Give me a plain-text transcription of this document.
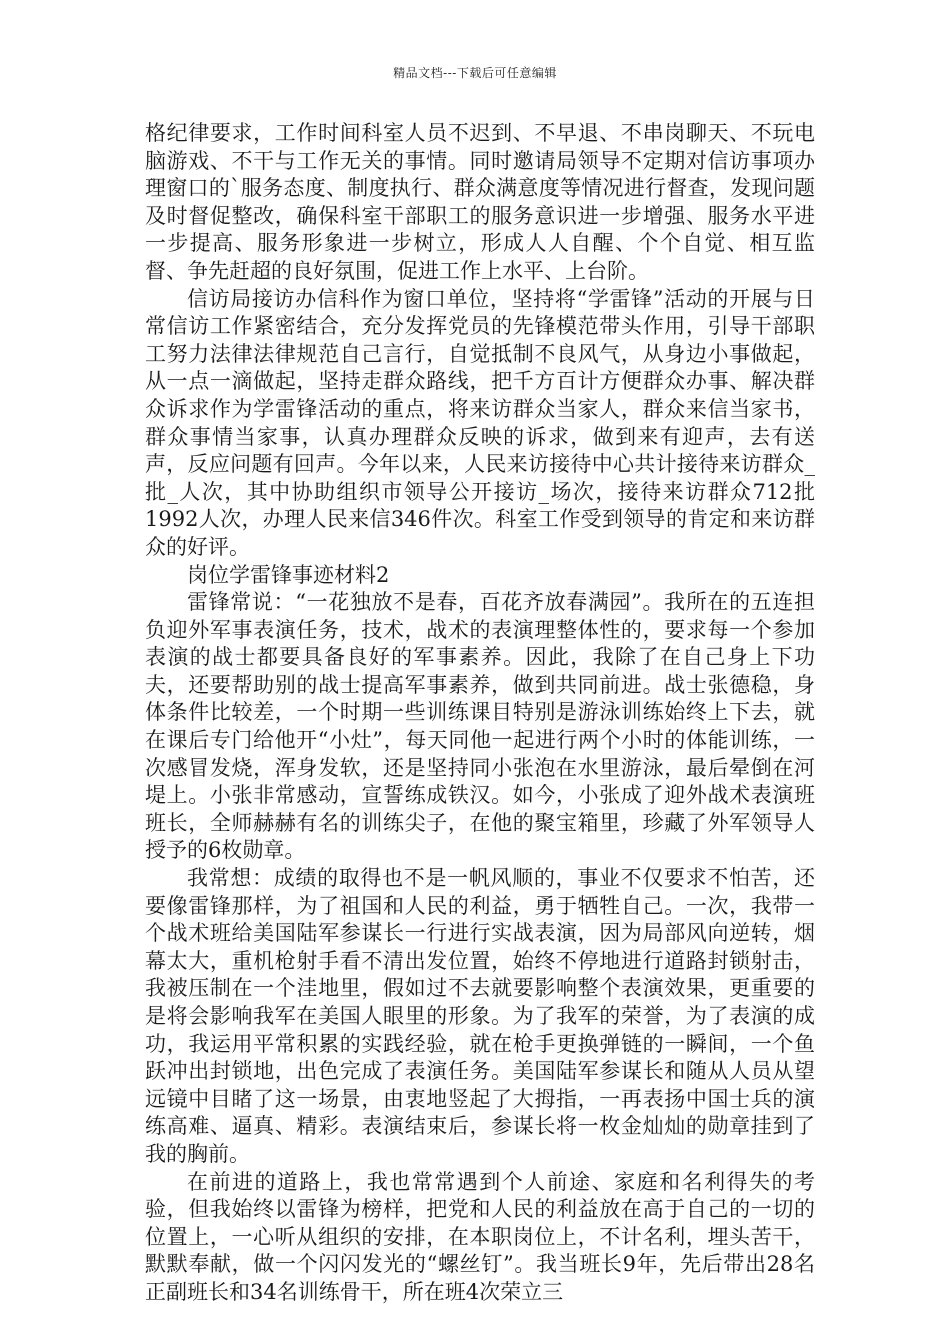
精品文档---下载后可任意编辑

格纪律要求，工作时间科室人员不迟到、不早退、不串岗聊天、不玩电脑游戏、不干与工作无关的事情。同时邀请局领导不定期对信访事项办理窗口的`服务态度、制度执行、群众满意度等情况进行督查，发现问题及时督促整改，确保科室干部职工的服务意识进一步增强、服务水平进一步提高、服务形象进一步树立，形成人人自醒、个个自觉、相互监督、争先赶超的良好氛围，促进工作上水平、上台阶。

信访局接访办信科作为窗口单位，坚持将“学雷锋”活动的开展与日常信访工作紧密结合，充分发挥党员的先锋模范带头作用，引导干部职工努力法律法律规范自己言行，自觉抵制不良风气，从身边小事做起，从一点一滴做起，坚持走群众路线，把千方百计方便群众办事、解决群众诉求作为学雷锋活动的重点，将来访群众当家人，群众来信当家书，群众事情当家事，认真办理群众反映的诉求，做到来有迎声，去有送声，反应问题有回声。今年以来，人民来访接待中心共计接待来访群众_批_人次，其中协助组织市领导公开接访_场次，接待来访群众712批1992人次，办理人民来信346件次。科室工作受到领导的肯定和来访群众的好评。

岗位学雷锋事迹材料2

雷锋常说：“一花独放不是春，百花齐放春满园”。我所在的五连担负迎外军事表演任务，技术，战术的表演理整体性的，要求每一个参加表演的战士都要具备良好的军事素养。因此，我除了在自己身上下功夫，还要帮助别的战士提高军事素养，做到共同前进。战士张德稳，身体条件比较差，一个时期一些训练课目特别是游泳训练始终上下去，就在课后专门给他开“小灶”，每天同他一起进行两个小时的体能训练，一次感冒发烧，浑身发软，还是坚持同小张泡在水里游泳，最后晕倒在河堤上。小张非常感动，宣誓练成铁汉。如今，小张成了迎外战术表演班班长，全师赫赫有名的训练尖子，在他的聚宝箱里，珍藏了外军领导人授予的6枚勋章。

我常想：成绩的取得也不是一帆风顺的，事业不仅要求不怕苦，还要像雷锋那样，为了祖国和人民的利益，勇于牺牲自己。一次，我带一个战术班给美国陆军参谋长一行进行实战表演，因为局部风向逆转，烟幕太大，重机枪射手看不清出发位置，始终不停地进行道路封锁射击，我被压制在一个洼地里，假如过不去就要影响整个表演效果，更重要的是将会影响我军在美国人眼里的形象。为了我军的荣誉，为了表演的成功，我运用平常积累的实践经验，就在枪手更换弹链的一瞬间，一个鱼跃冲出封锁地，出色完成了表演任务。美国陆军参谋长和随从人员从望远镜中目睹了这一场景，由衷地竖起了大拇指，一再表扬中国士兵的演练高难、逼真、精彩。表演结束后，参谋长将一枚金灿灿的勋章挂到了我的胸前。

在前进的道路上，我也常常遇到个人前途、家庭和名利得失的考验，但我始终以雷锋为榜样，把党和人民的利益放在高于自己的一切的位置上，一心听从组织的安排，在本职岗位上，不计名利，埋头苦干，默默奉献，做一个闪闪发光的“螺丝钉”。我当班长9年，先后带出28名正副班长和34名训练骨干，所在班4次荣立三
